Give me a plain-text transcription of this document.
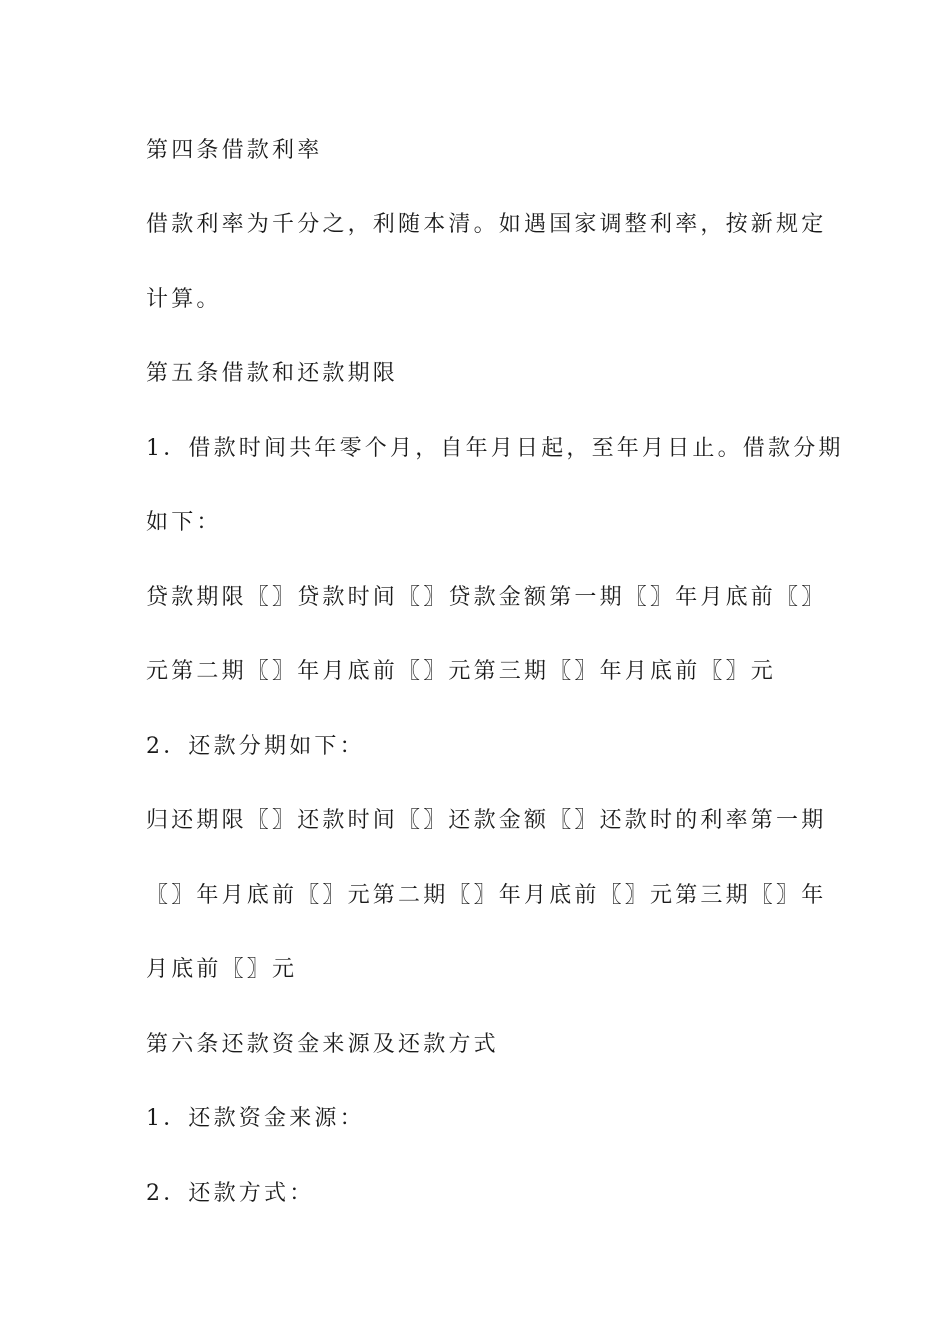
第四条借款利率
借款利率为千分之，利随本清。如遇国家调整利率，按新规定
计算。
第五条借款和还款期限
1．借款时间共年零个月，自年月日起，至年月日止。借款分期
如下：
贷款期限〖〗贷款时间〖〗贷款金额第一期〖〗年月底前〖〗
元第二期〖〗年月底前〖〗元第三期〖〗年月底前〖〗元
2．还款分期如下：
归还期限〖〗还款时间〖〗还款金额〖〗还款时的利率第一期
〖〗年月底前〖〗元第二期〖〗年月底前〖〗元第三期〖〗年
月底前〖〗元
第六条还款资金来源及还款方式
1．还款资金来源：
2．还款方式：
